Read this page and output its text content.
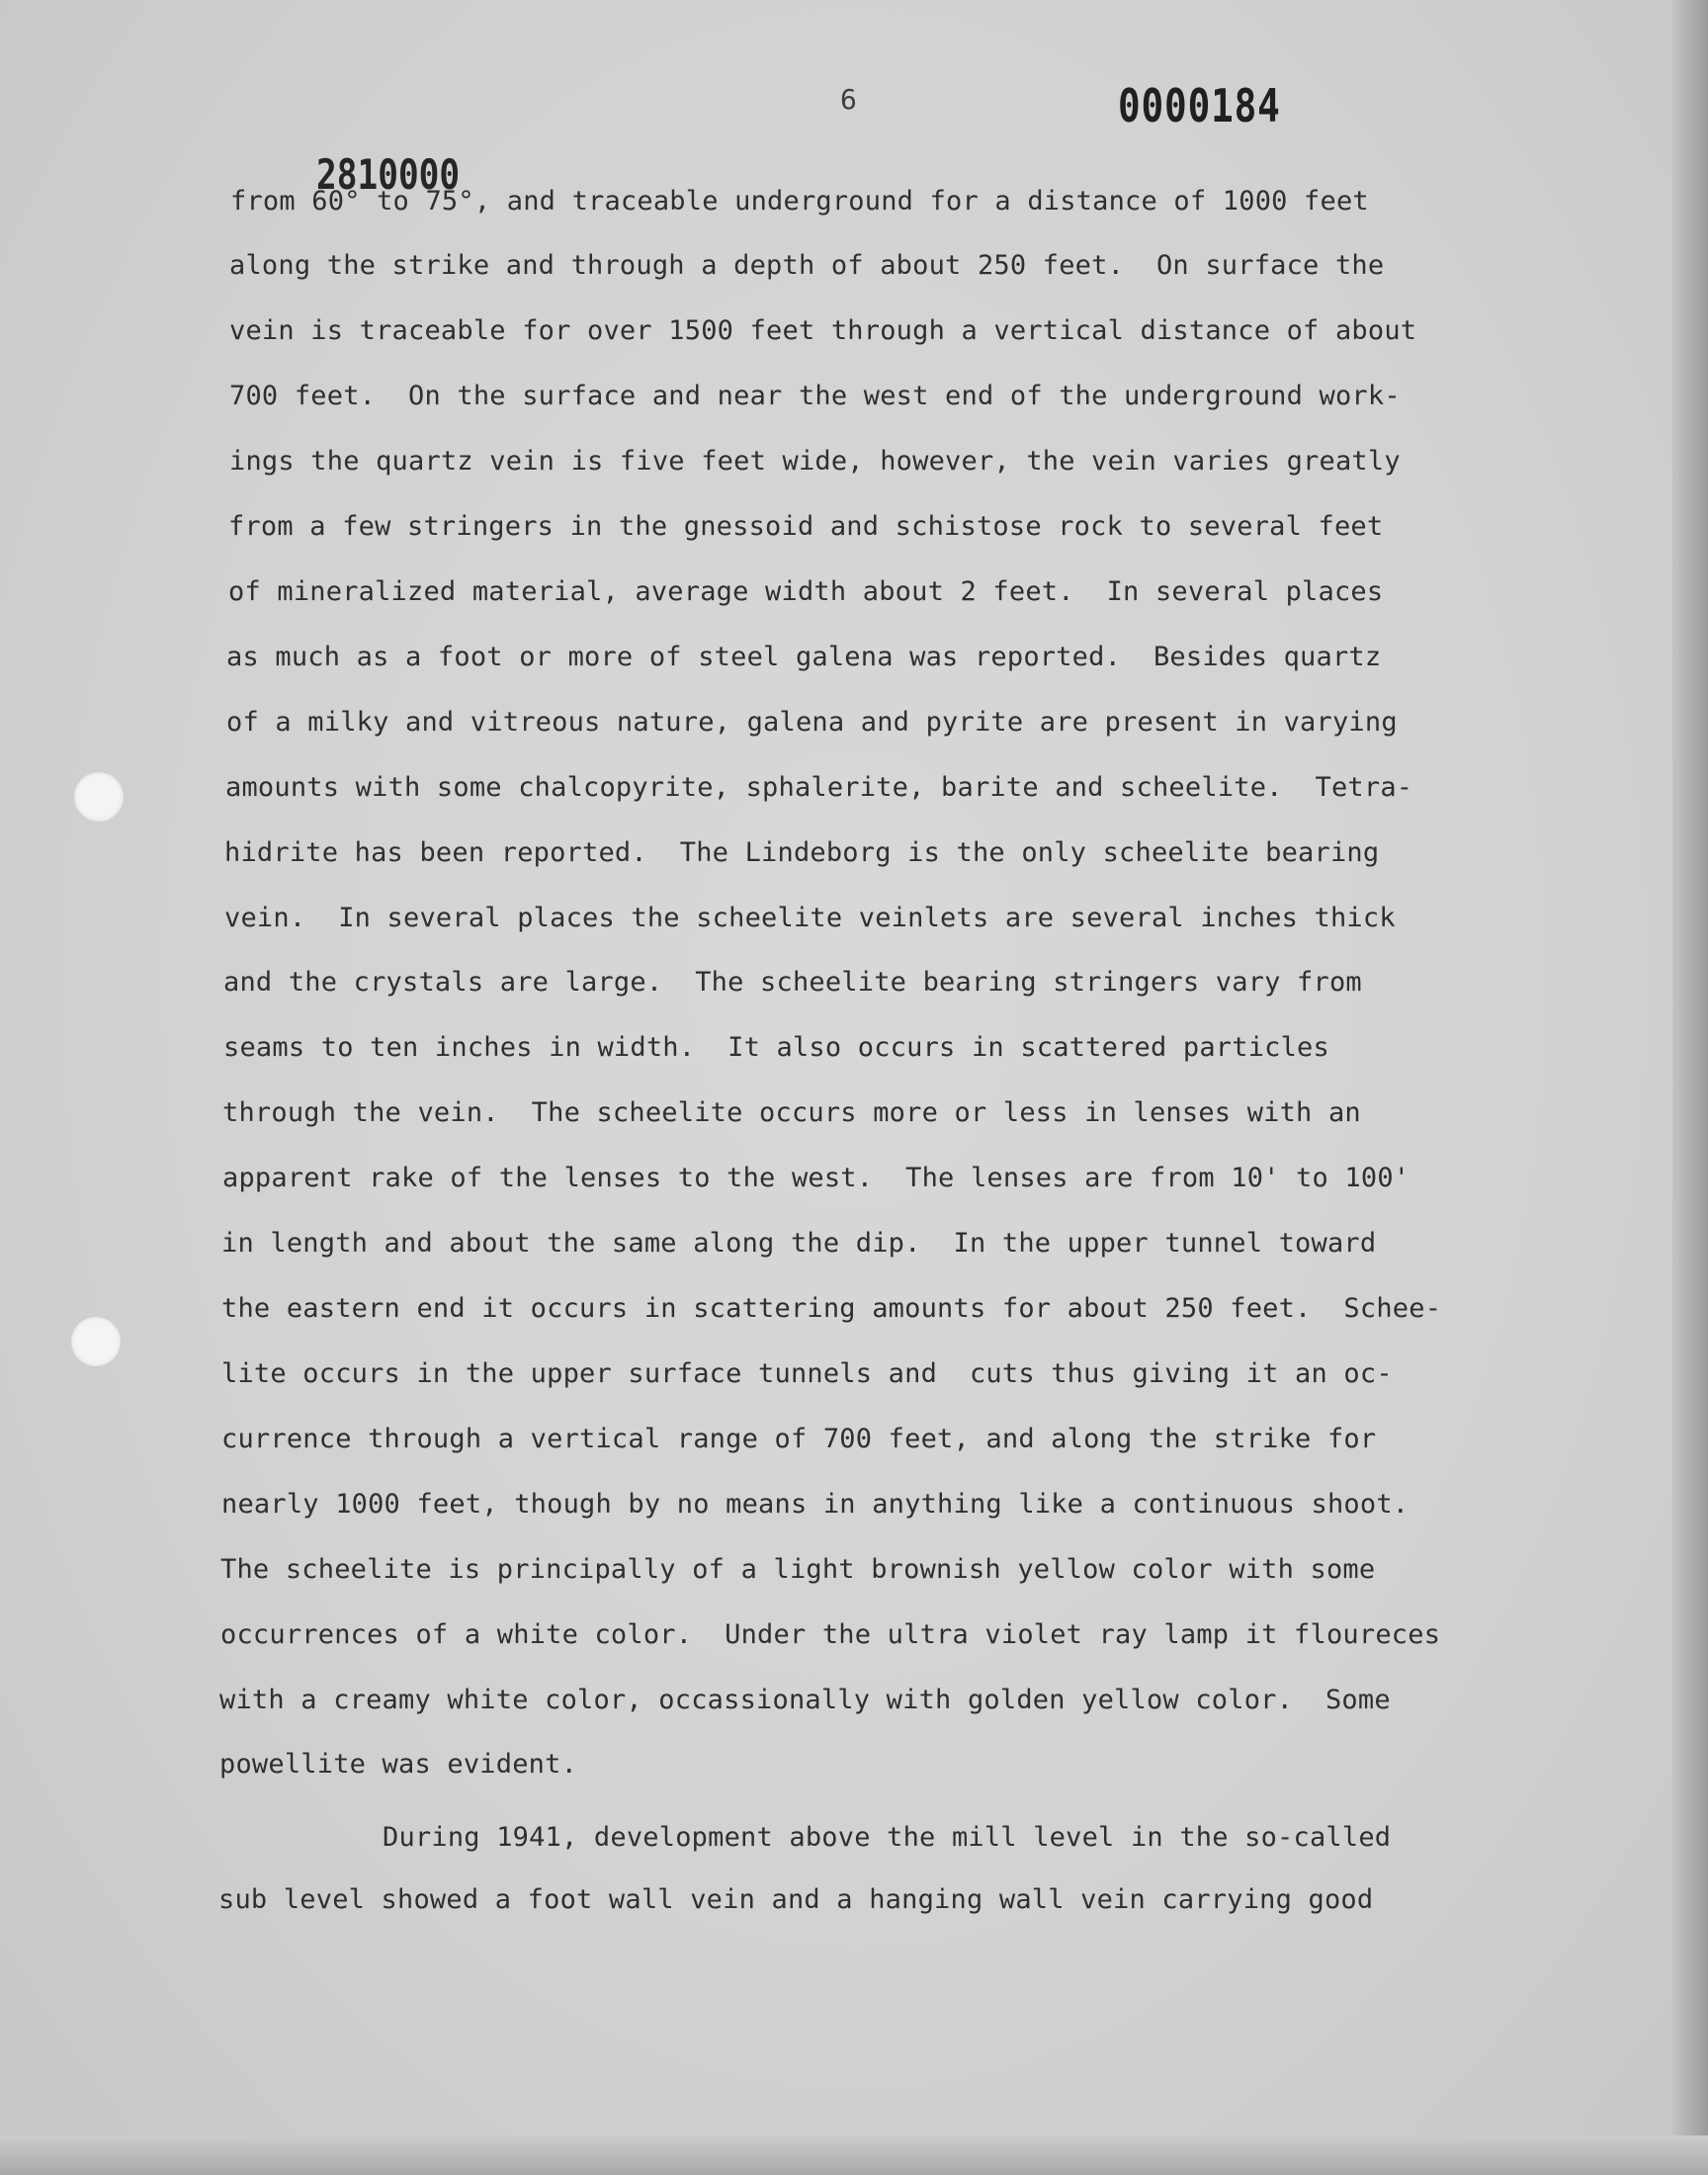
6	0000184
2810000

from 60° to 75°, and traceable underground for a distance of 1000 feet

along the strike and through a depth of about 250 feet.  On surface the

vein is traceable for over 1500 feet through a vertical distance of about

700 feet.  On the surface and near the west end of the underground work-

ings the quartz vein is five feet wide, however, the vein varies greatly

from a few stringers in the gnessoid and schistose rock to several feet

of mineralized material, average width about 2 feet.  In several places

as much as a foot or more of steel galena was reported.  Besides quartz

of a milky and vitreous nature, galena and pyrite are present in varying

amounts with some chalcopyrite, sphalerite, barite and scheelite.  Tetra-

hidrite has been reported.  The Lindeborg is the only scheelite bearing

vein.  In several places the scheelite veinlets are several inches thick

and the crystals are large.  The scheelite bearing stringers vary from

seams to ten inches in width.  It also occurs in scattered particles

through the vein.  The scheelite occurs more or less in lenses with an

apparent rake of the lenses to the west.  The lenses are from 10' to 100'

in length and about the same along the dip.  In the upper tunnel toward

the eastern end it occurs in scattering amounts for about 250 feet.  Schee-

lite occurs in the upper surface tunnels and  cuts thus giving it an oc-

currence through a vertical range of 700 feet, and along the strike for

nearly 1000 feet, though by no means in anything like a continuous shoot.

The scheelite is principally of a light brownish yellow color with some

occurrences of a white color.  Under the ultra violet ray lamp it floureces

with a creamy white color, occassionally with golden yellow color.  Some

powellite was evident.

During 1941, development above the mill level in the so-called

sub level showed a foot wall vein and a hanging wall vein carrying good
